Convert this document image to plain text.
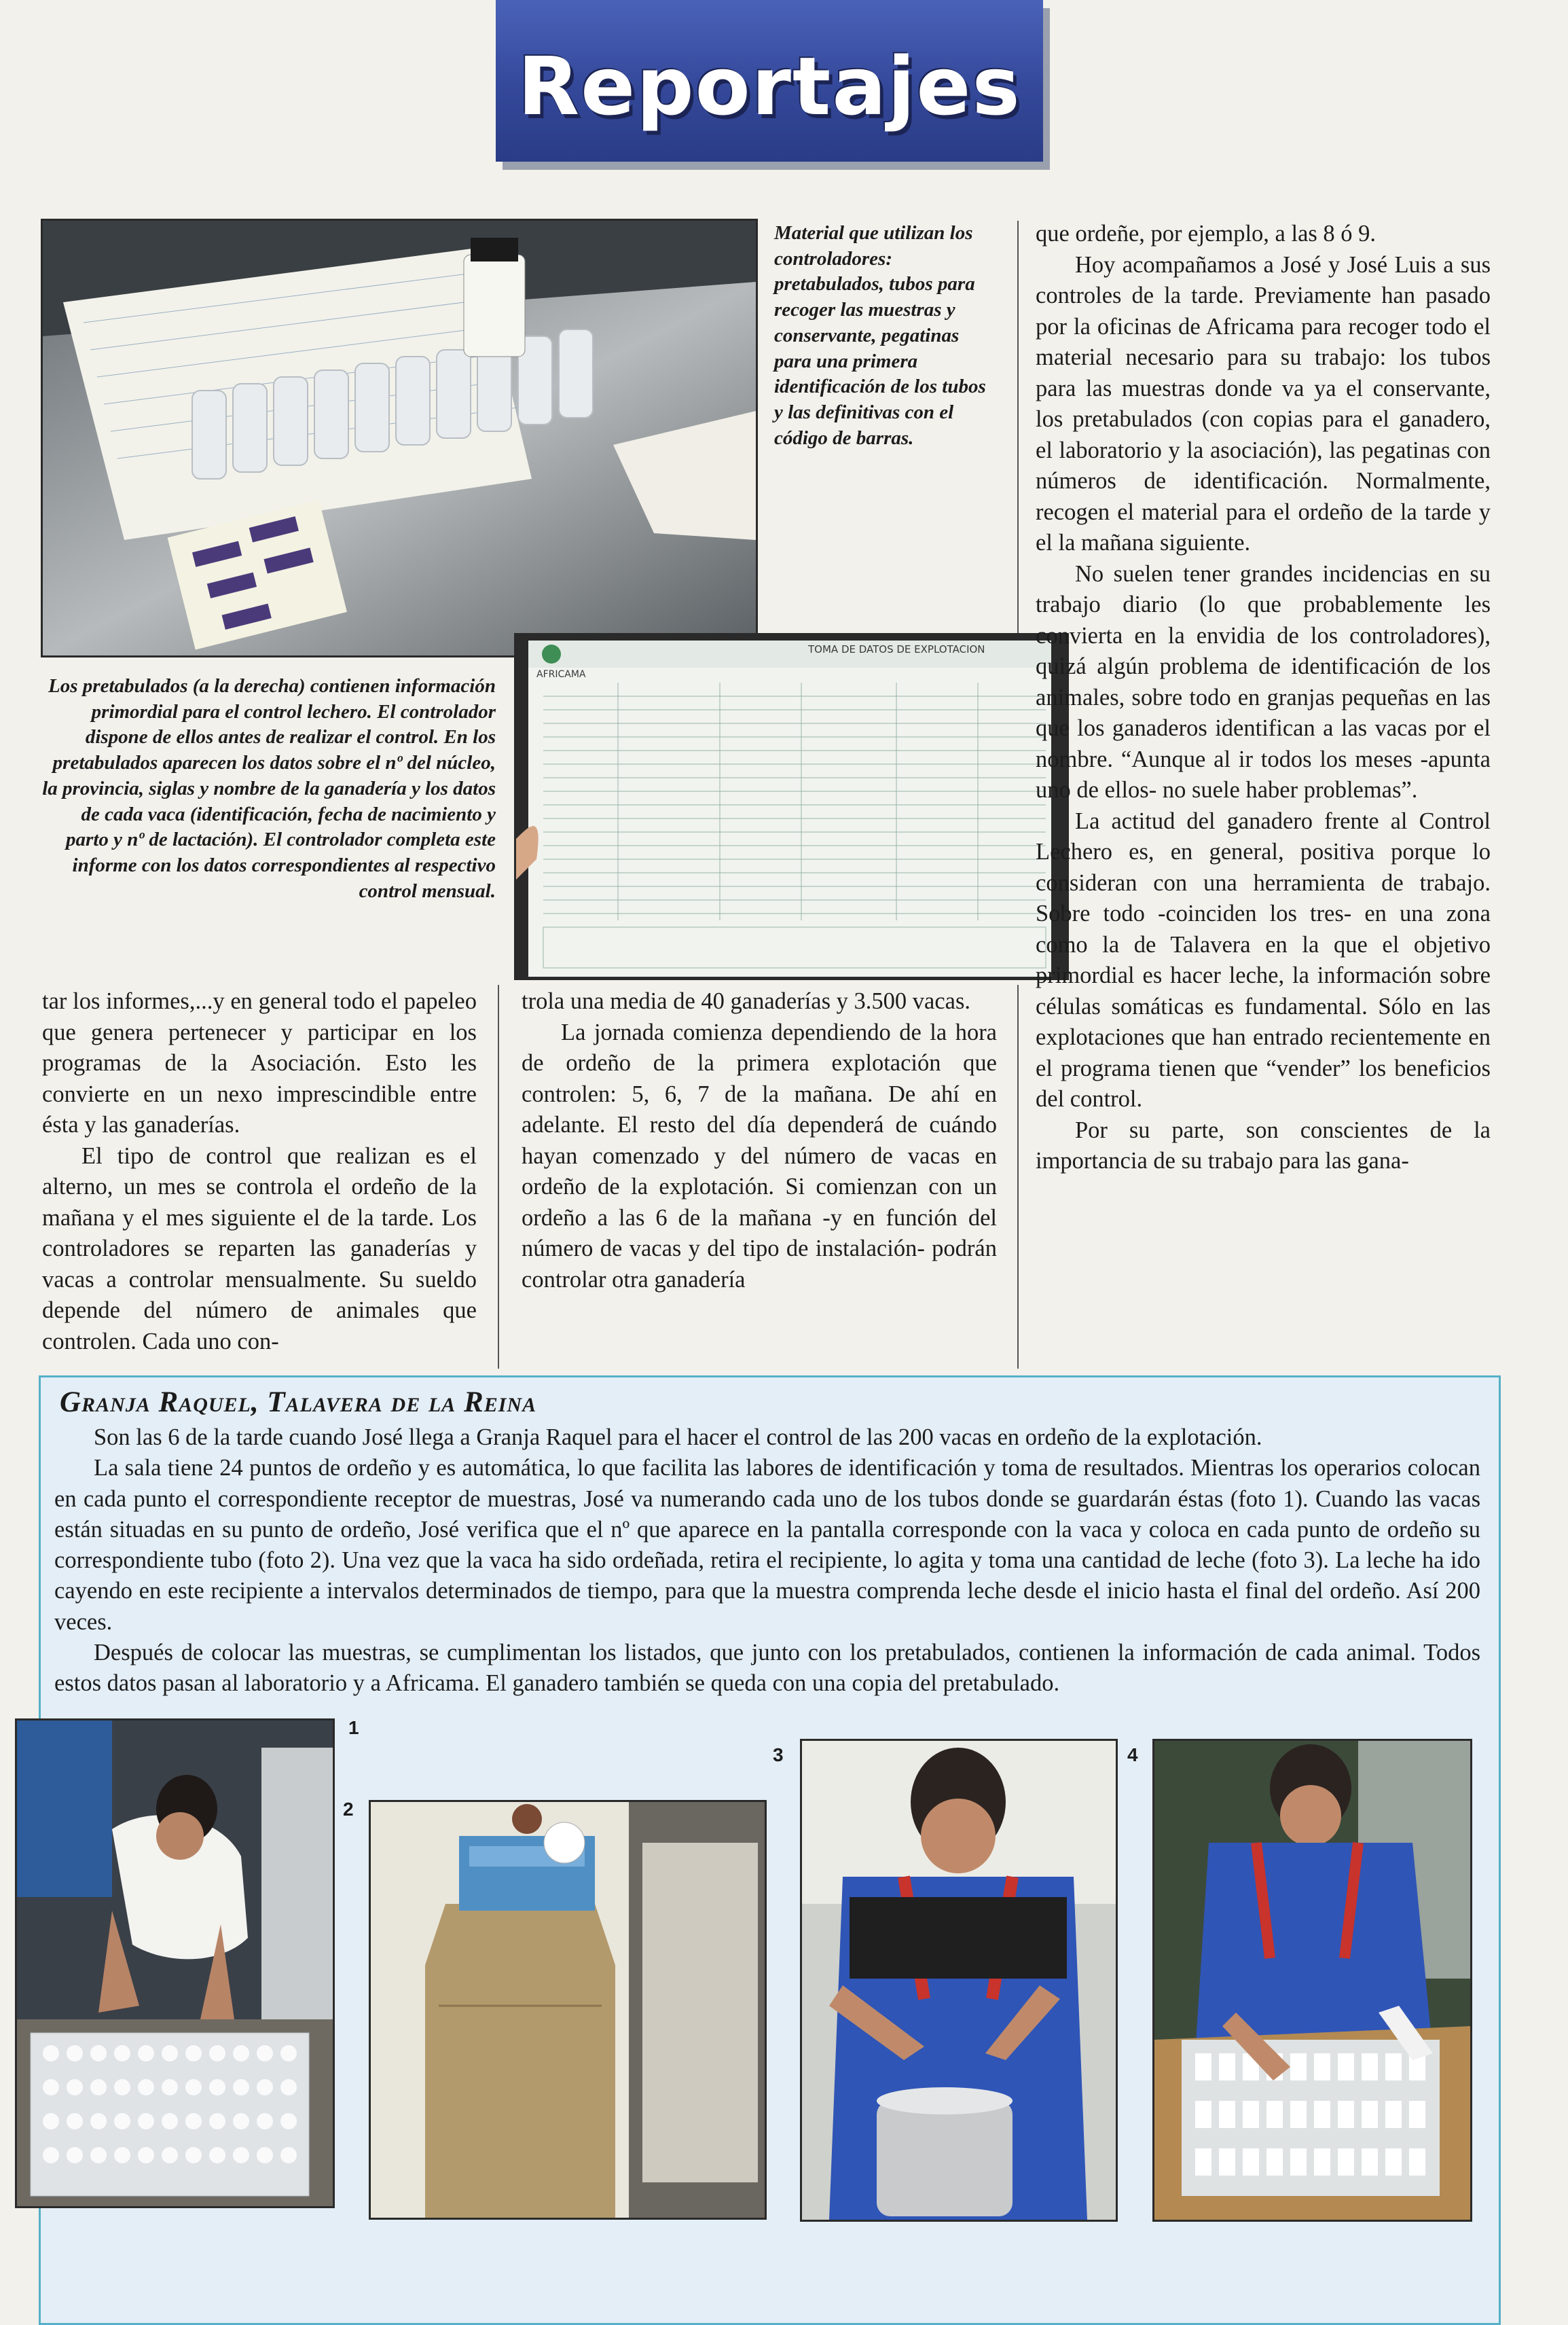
Reportajes

Material que utilizan los controladores: pretabulados, tubos para recoger las muestras y conservante, pegatinas para una primera identificación de los tubos y las definitivas con el código de barras.

Los pretabulados (a la derecha) contienen información primordial para el control lechero. El controlador dispone de ellos antes de realizar el control. En los pretabulados aparecen los datos sobre el nº del núcleo, la provincia, siglas y nombre de la ganadería y los datos de cada vaca (identificación, fecha de nacimiento y parto y nº de lactación). El controlador completa este informe con los datos correspondientes al respectivo control mensual.

AFRICAMA
TOMA DE DATOS DE EXPLOTACION

tar los informes,...y en general todo el papeleo que genera pertenecer y participar en los programas de la Asociación. Esto les convierte en un nexo imprescindible entre ésta y las ganaderías.

El tipo de control que realizan es el alterno, un mes se controla el ordeño de la mañana y el mes siguiente el de la tarde. Los controladores se reparten las ganaderías y vacas a controlar mensualmente. Su sueldo depende del número de animales que controlen. Cada uno con-

trola una media de 40 ganaderías y 3.500 vacas.

La jornada comienza dependiendo de la hora de ordeño de la primera explotación que controlen: 5, 6, 7 de la mañana. De ahí en adelante. El resto del día dependerá de cuándo hayan comenzado y del número de vacas en ordeño de la explotación. Si comienzan con un ordeño a las 6 de la mañana -y en función del número de vacas y del tipo de instalación- podrán controlar otra ganadería

que ordeñe, por ejemplo, a las 8 ó 9.

Hoy acompañamos a José y José Luis a sus controles de la tarde. Previamente han pasado por la oficinas de Africama para recoger todo el material necesario para su trabajo: los tubos para las muestras donde va ya el conservante, los pretabulados (con copias para el ganadero, el laboratorio y la asociación), las pegatinas con números de identificación. Normalmente, recogen el material para el ordeño de la tarde y el la mañana siguiente.

No suelen tener grandes incidencias en su trabajo diario (lo que probablemente les convierta en la envidia de los controladores), quizá algún problema de identificación de los animales, sobre todo en granjas pequeñas en las que los ganaderos identifican a las vacas por el nombre. “Aunque al ir todos los meses -apunta uno de ellos- no suele haber problemas”.

La actitud del ganadero frente al Control Lechero es, en general, positiva porque lo consideran con una herramienta de trabajo. Sobre todo -coinciden los tres- en una zona como la de Talavera en la que el objetivo primordial es hacer leche, la información sobre células somáticas es fundamental. Sólo en las explotaciones que han entrado recientemente en el programa tienen que “vender” los beneficios del control.

Por su parte, son conscientes de la importancia de su trabajo para las gana-

Granja Raquel, Talavera de la Reina

Son las 6 de la tarde cuando José llega a Granja Raquel para el hacer el control de las 200 vacas en ordeño de la explotación.

La sala tiene 24 puntos de ordeño y es automática, lo que facilita las labores de identificación y toma de resultados. Mientras los operarios colocan en cada punto el correspondiente receptor de muestras, José va numerando cada uno de los tubos donde se guardarán éstas (foto 1). Cuando las vacas están situadas en su punto de ordeño, José verifica que el nº que aparece en la pantalla corresponde con la vaca y coloca en cada punto de ordeño su correspondiente tubo (foto 2). Una vez que la vaca ha sido ordeñada, retira el recipiente, lo agita y toma una cantidad de leche (foto 3). La leche ha ido cayendo en este recipiente a intervalos determinados de tiempo, para que la muestra comprenda leche desde el inicio hasta el final del ordeño. Así 200 veces.

Después de colocar las muestras, se cumplimentan los listados, que junto con los pretabulados, contienen la información de cada animal. Todos estos datos pasan al laboratorio y a Africama. El ganadero también se queda con una copia del pretabulado.

1
2
3	4
